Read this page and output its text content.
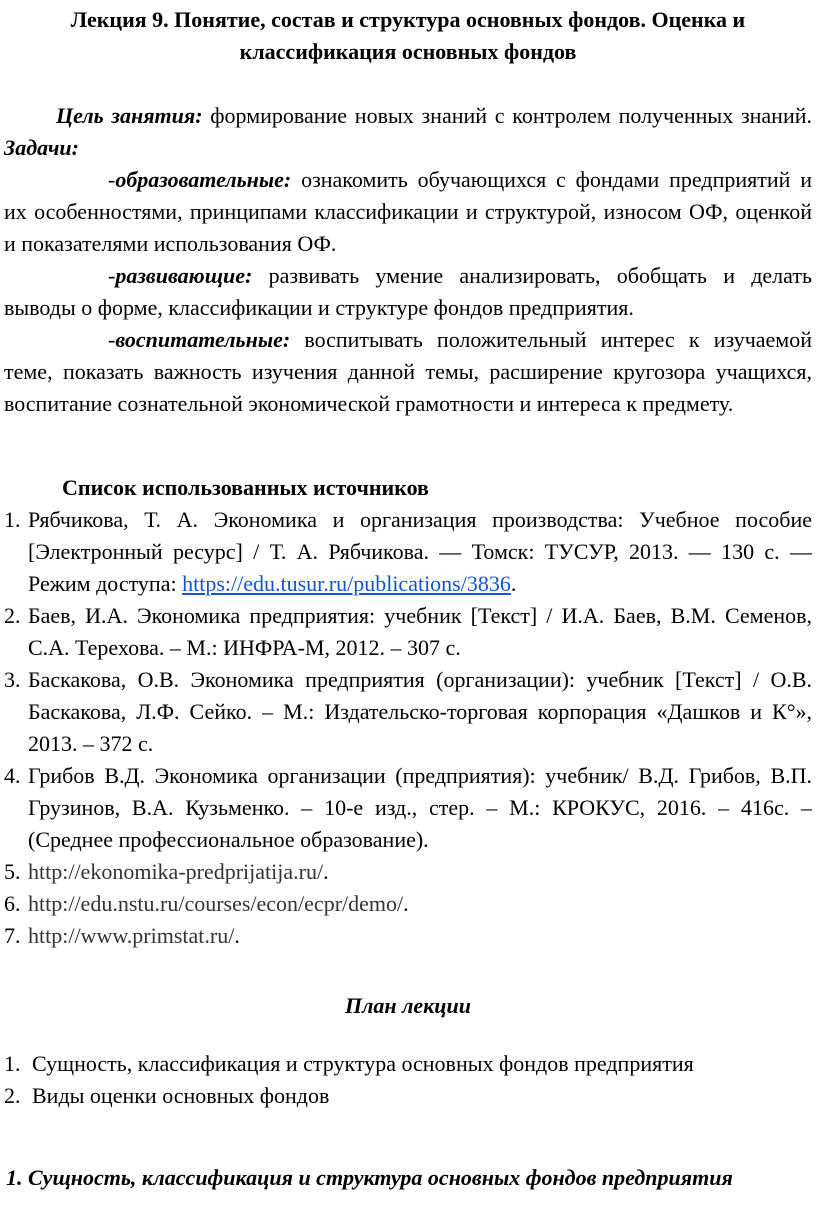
Лекция 9. Понятие, состав и структура основных фондов. Оценка и классификация основных фондов

Цель занятия: формирование новых знаний с контролем полученных знаний. Задачи:

-образовательные: ознакомить обучающихся с фондами предприятий и их особенностями, принципами классификации и структурой, износом ОФ, оценкой и показателями использования ОФ.

-развивающие: развивать умение анализировать, обобщать и делать выводы о форме, классификации и структуре фондов предприятия.

-воспитательные: воспитывать положительный интерес к изучаемой теме, показать важность изучения данной темы, расширение кругозора учащихся, воспитание сознательной экономической грамотности и интереса к предмету.

Список использованных источников

1. Рябчикова, Т. А. Экономика и организация производства: Учебное пособие [Электронный ресурс] / Т. А. Рябчикова. — Томск: ТУСУР, 2013. — 130 с. — Режим доступа: https://edu.tusur.ru/publications/3836.
2. Баев, И.А. Экономика предприятия: учебник [Текст] / И.А. Баев, В.М. Семенов, С.А. Терехова. – М.: ИНФРА-М, 2012. – 307 с.
3. Баскакова, О.В. Экономика предприятия (организации): учебник [Текст] / О.В. Баскакова, Л.Ф. Сейко. – М.: Издательско-торговая корпорация «Дашков и К°», 2013. – 372 с.
4. Грибов В.Д. Экономика организации (предприятия): учебник/ В.Д. Грибов, В.П. Грузинов, В.А. Кузьменко. – 10-е изд., стер. – М.: КРОКУС, 2016. – 416с. – (Среднее профессиональное образование).
5. http://ekonomika-predprijatija.ru/.
6. http://edu.nstu.ru/courses/econ/ecpr/demo/.
7. http://www.primstat.ru/.

План лекции

1. Сущность, классификация и структура основных фондов предприятия
2. Виды оценки основных фондов

1. Сущность, классификация и структура основных фондов предприятия
